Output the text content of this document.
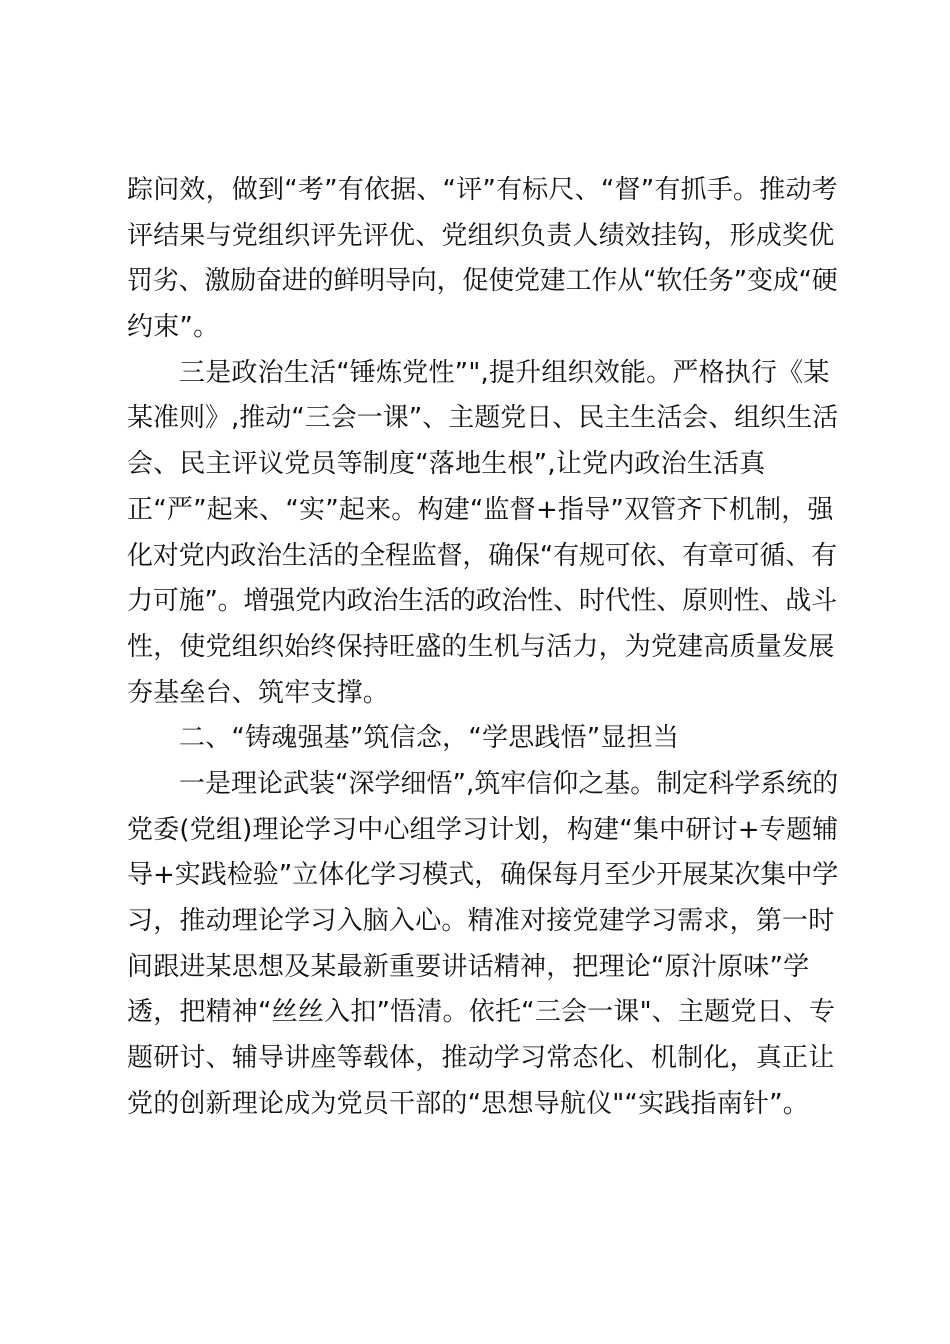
踪问效，做到“考”有依据、“评”有标尺、“督”有抓手。推动考
评结果与党组织评先评优、党组织负责人绩效挂钩，形成奖优
罚劣、激励奋进的鲜明导向，促使党建工作从“软任务”变成“硬
约束”。
三是政治生活“锤炼党性”",提升组织效能。严格执行《某
某准则》,推动“三会一课”、主题党日、民主生活会、组织生活
会、民主评议党员等制度“落地生根”,让党内政治生活真
正“严”起来、“实”起来。构建“监督+指导”双管齐下机制，强
化对党内政治生活的全程监督，确保“有规可依、有章可循、有
力可施”。增强党内政治生活的政治性、时代性、原则性、战斗
性，使党组织始终保持旺盛的生机与活力，为党建高质量发展
夯基垒台、筑牢支撑。
二、“铸魂强基”筑信念，“学思践悟”显担当
一是理论武装“深学细悟”,筑牢信仰之基。制定科学系统的
党委(党组)理论学习中心组学习计划，构建“集中研讨+专题辅
导+实践检验”立体化学习模式，确保每月至少开展某次集中学
习，推动理论学习入脑入心。精准对接党建学习需求，第一时
间跟进某思想及某最新重要讲话精神，把理论“原汁原味”学
透，把精神“丝丝入扣”悟清。依托“三会一课"、主题党日、专
题研讨、辅导讲座等载体，推动学习常态化、机制化，真正让
党的创新理论成为党员干部的“思想导航仪"“实践指南针”。
